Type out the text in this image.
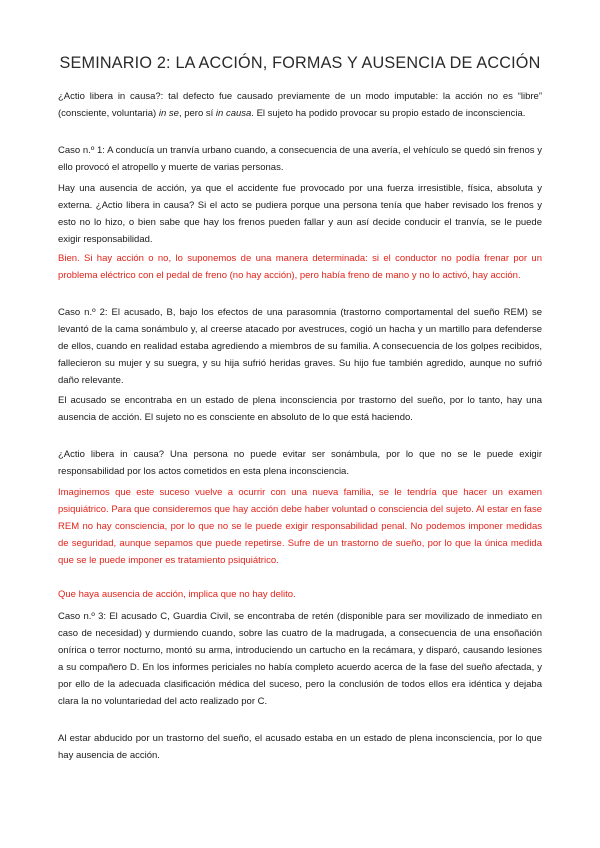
SEMINARIO 2: LA ACCIÓN, FORMAS Y AUSENCIA DE ACCIÓN

¿Actio libera in causa?: tal defecto fue causado previamente de un modo imputable: la acción no es “libre” (consciente, voluntaria) in se, pero sí in causa. El sujeto ha podido provocar su propio estado de inconsciencia.

Caso n.º 1: A conducía un tranvía urbano cuando, a consecuencia de una avería, el vehículo se quedó sin frenos y ello provocó el atropello y muerte de varias personas.

Hay una ausencia de acción, ya que el accidente fue provocado por una fuerza irresistible, física, absoluta y externa. ¿Actio libera in causa? Si el acto se pudiera porque una persona tenía que haber revisado los frenos y esto no lo hizo, o bien sabe que hay los frenos pueden fallar y aun así decide conducir el tranvía, se le puede exigir responsabilidad.

Bien. Si hay acción o no, lo suponemos de una manera determinada: si el conductor no podía frenar por un problema eléctrico con el pedal de freno (no hay acción), pero había freno de mano y no lo activó, hay acción.

Caso n.º 2: El acusado, B, bajo los efectos de una parasomnia (trastorno comportamental del sueño REM) se levantó de la cama sonámbulo y, al creerse atacado por avestruces, cogió un hacha y un martillo para defenderse de ellos, cuando en realidad estaba agrediendo a miembros de su familia. A consecuencia de los golpes recibidos, fallecieron su mujer y su suegra, y su hija sufrió heridas graves. Su hijo fue también agredido, aunque no sufrió daño relevante.

El acusado se encontraba en un estado de plena inconsciencia por trastorno del sueño, por lo tanto, hay una ausencia de acción. El sujeto no es consciente en absoluto de lo que está haciendo.

¿Actio libera in causa? Una persona no puede evitar ser sonámbula, por lo que no se le puede exigir responsabilidad por los actos cometidos en esta plena inconsciencia.

Imaginemos que este suceso vuelve a ocurrir con una nueva familia, se le tendría que hacer un examen psiquiátrico. Para que consideremos que hay acción debe haber voluntad o consciencia del sujeto. Al estar en fase REM no hay consciencia, por lo que no se le puede exigir responsabilidad penal. No podemos imponer medidas de seguridad, aunque sepamos que puede repetirse. Sufre de un trastorno de sueño, por lo que la única medida que se le puede imponer es tratamiento psiquiátrico.

Que haya ausencia de acción, implica que no hay delito.

Caso n.º 3: El acusado C, Guardia Civil, se encontraba de retén (disponible para ser movilizado de inmediato en caso de necesidad) y durmiendo cuando, sobre las cuatro de la madrugada, a consecuencia de una ensoñación onírica o terror nocturno, montó su arma, introduciendo un cartucho en la recámara, y disparó, causando lesiones a su compañero D. En los informes periciales no había completo acuerdo acerca de la fase del sueño afectada, y por ello de la adecuada clasificación médica del suceso, pero la conclusión de todos ellos era idéntica y dejaba clara la no voluntariedad del acto realizado por C.

Al estar abducido por un trastorno del sueño, el acusado estaba en un estado de plena inconsciencia, por lo que hay ausencia de acción.
